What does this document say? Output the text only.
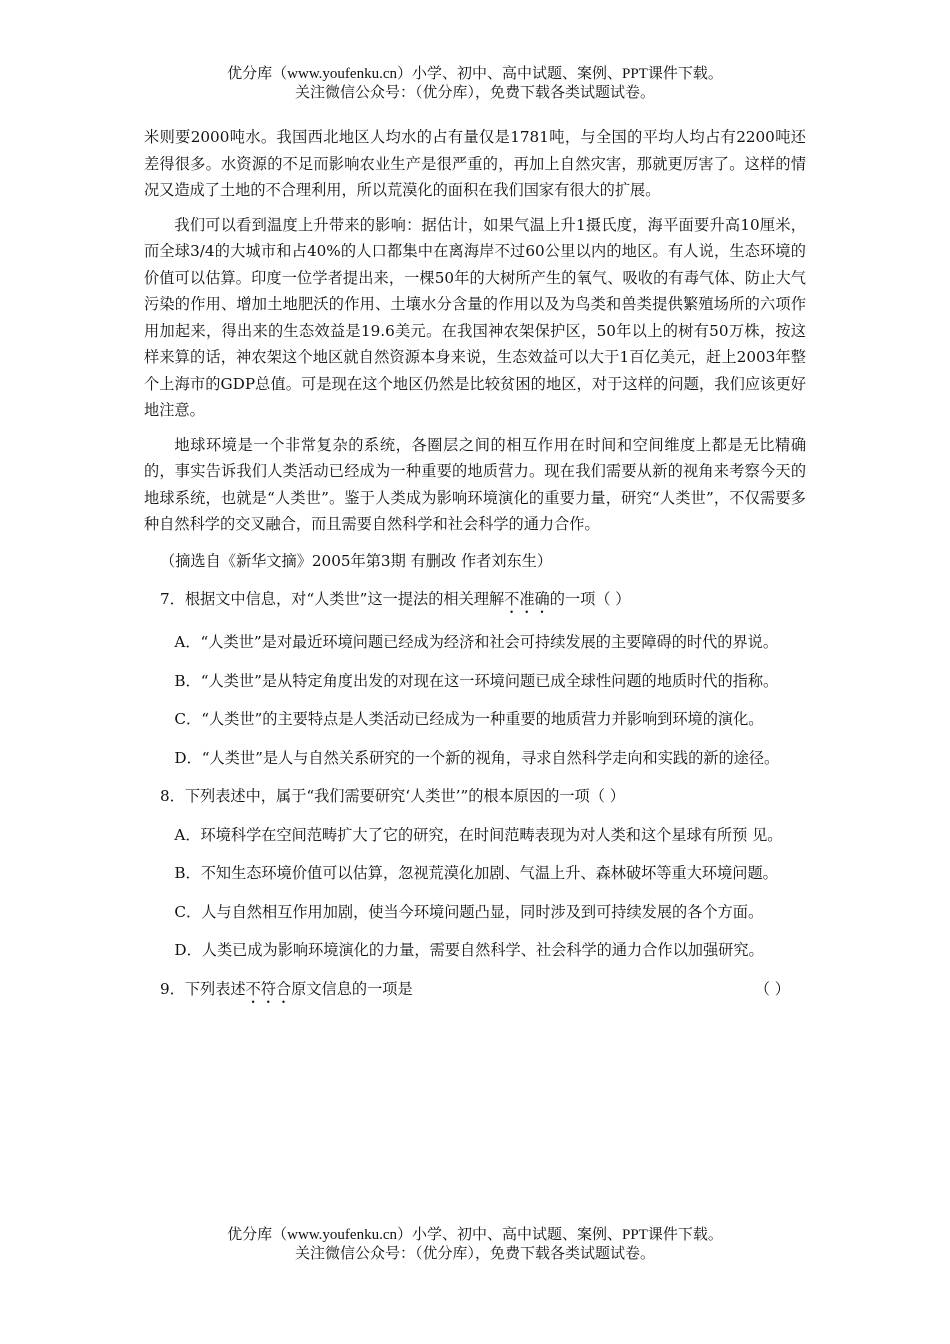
优分库（www.youfenku.cn）小学、初中、高中试题、案例、PPT课件下载。
关注微信公众号：（优分库），免费下载各类试题试卷。

米则要2000吨水。我国西北地区人均水的占有量仅是1781吨，与全国的平均人均占有2200吨还差得很多。水资源的不足而影响农业生产是很严重的，再加上自然灾害，那就更厉害了。这样的情况又造成了土地的不合理利用，所以荒漠化的面积在我们国家有很大的扩展。

我们可以看到温度上升带来的影响：据估计，如果气温上升1摄氏度，海平面要升高10厘米，而全球3/4的大城市和占40%的人口都集中在离海岸不过60公里以内的地区。有人说，生态环境的价值可以估算。印度一位学者提出来，一棵50年的大树所产生的氧气、吸收的有毒气体、防止大气污染的作用、增加土地肥沃的作用、土壤水分含量的作用以及为鸟类和兽类提供繁殖场所的六项作用加起来，得出来的生态效益是19.6美元。在我国神农架保护区，50年以上的树有50万株，按这样来算的话，神农架这个地区就自然资源本身来说，生态效益可以大于1百亿美元，赶上2003年整个上海市的GDP总值。可是现在这个地区仍然是比较贫困的地区，对于这样的问题，我们应该更好地注意。

地球环境是一个非常复杂的系统，各圈层之间的相互作用在时间和空间维度上都是无比精确的，事实告诉我们人类活动已经成为一种重要的地质营力。现在我们需要从新的视角来考察今天的地球系统，也就是“人类世”。鉴于人类成为影响环境演化的重要力量，研究“人类世”，不仅需要多种自然科学的交叉融合，而且需要自然科学和社会科学的通力合作。

（摘选自《新华文摘》2005年第3期 有删改 作者刘东生）

7．根据文中信息，对“人类世”这一提法的相关理解不准确的一项（ ）

A．“人类世”是对最近环境问题已经成为经济和社会可持续发展的主要障碍的时代的界说。

B．“人类世”是从特定角度出发的对现在这一环境问题已成全球性问题的地质时代的指称。

C．“人类世”的主要特点是人类活动已经成为一种重要的地质营力并影响到环境的演化。

D．“人类世”是人与自然关系研究的一个新的视角，寻求自然科学走向和实践的新的途径。

8．下列表述中，属于“我们需要研究‘人类世’”的根本原因的一项（ ）

A．环境科学在空间范畴扩大了它的研究，在时间范畴表现为对人类和这个星球有所预 见。

B．不知生态环境价值可以估算，忽视荒漠化加剧、气温上升、森林破坏等重大环境问题。

C．人与自然相互作用加剧，使当今环境问题凸显，同时涉及到可持续发展的各个方面。

D．人类已成为影响环境演化的力量，需要自然科学、社会科学的通力合作以加强研究。

9．下列表述不符合原文信息的一项是	（ ）

优分库（www.youfenku.cn）小学、初中、高中试题、案例、PPT课件下载。
关注微信公众号：（优分库），免费下载各类试题试卷。
